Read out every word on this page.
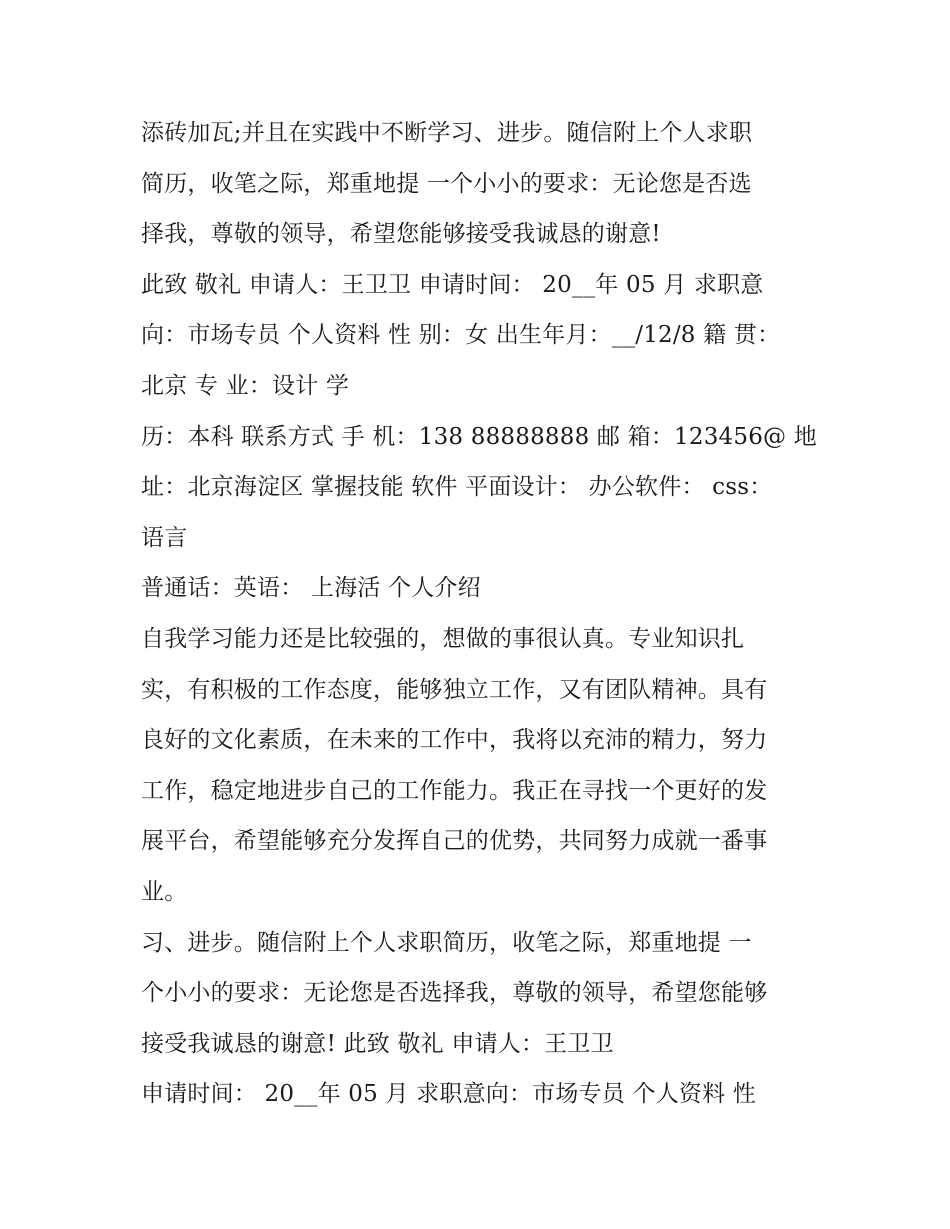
添砖加瓦;并且在实践中不断学习、进步。随信附上个人求职
简历，收笔之际，郑重地提 一个小小的要求：无论您是否选
择我，尊敬的领导，希望您能够接受我诚恳的谢意!
此致 敬礼 申请人：王卫卫 申请时间： 20__年 05 月 求职意
向：市场专员 个人资料 性 别：女 出生年月：__/12/8 籍 贯：
北京 专 业：设计 学
历：本科 联系方式 手 机：138 88888888 邮 箱：123456@ 地
址：北京海淀区 掌握技能 软件 平面设计： 办公软件： css：
语言
普通话：英语： 上海活 个人介绍
自我学习能力还是比较强的，想做的事很认真。专业知识扎
实，有积极的工作态度，能够独立工作，又有团队精神。具有
良好的文化素质，在未来的工作中，我将以充沛的精力，努力
工作，稳定地进步自己的工作能力。我正在寻找一个更好的发
展平台，希望能够充分发挥自己的优势，共同努力成就一番事
业。
习、进步。随信附上个人求职简历，收笔之际，郑重地提 一
个小小的要求：无论您是否选择我，尊敬的领导，希望您能够
接受我诚恳的谢意! 此致 敬礼 申请人：王卫卫
申请时间： 20__年 05 月 求职意向：市场专员 个人资料 性
